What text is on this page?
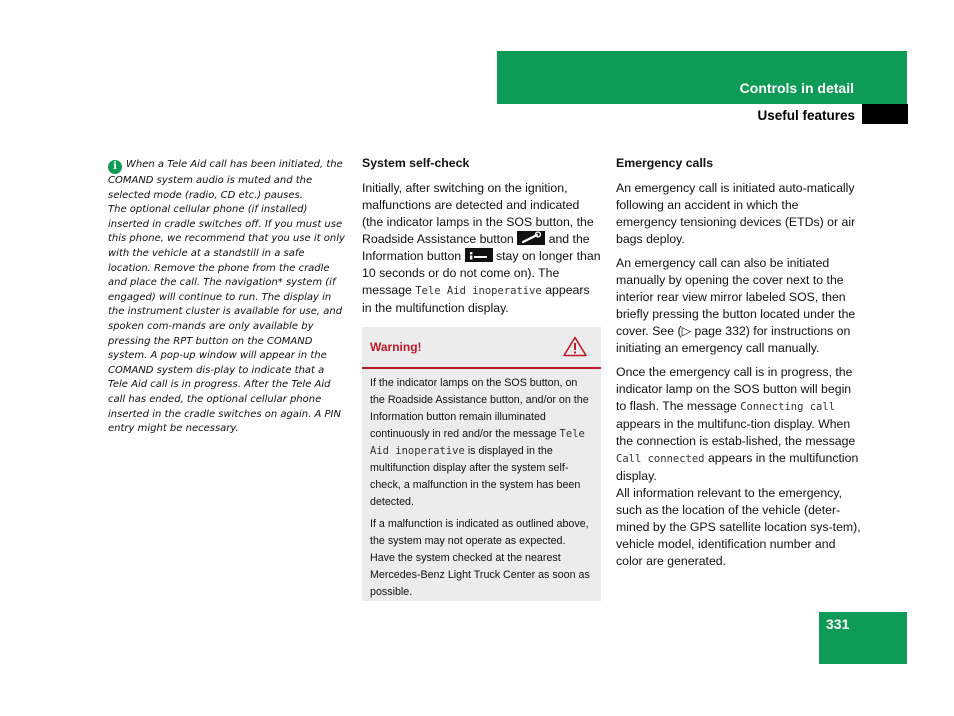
Controls in detail
Useful features

i When a Tele Aid call has been initiated, the COMAND system audio is muted and the selected mode (radio, CD etc.) pauses.

The optional cellular phone (if installed) inserted in cradle switches off. If you must use this phone, we recommend that you use it only with the vehicle at a standstill in a safe location. Remove the phone from the cradle and place the call. The navigation* system (if engaged) will continue to run. The display in the instrument cluster is available for use, and spoken com-mands are only available by pressing the RPT button on the COMAND system. A pop-up window will appear in the COMAND system dis-play to indicate that a Tele Aid call is in progress. After the Tele Aid call has ended, the optional cellular phone inserted in the cradle switches on again. A PIN entry might be necessary.

System self-check

Initially, after switching on the ignition, malfunctions are detected and indicated (the indicator lamps in the SOS button, the Roadside Assistance button	and the Information button	stay on longer than 10 seconds or do not come on). The message Tele Aid inoperative appears in the multifunction display.

Warning!

If the indicator lamps on the SOS button, on the Roadside Assistance button, and/or on the Information button remain illuminated continuously in red and/or the message Tele Aid inoperative is displayed in the multifunction display after the system self-check, a malfunction in the system has been detected.

If a malfunction is indicated as outlined above, the system may not operate as expected. Have the system checked at the nearest Mercedes-Benz Light Truck Center as soon as possible.

Emergency calls

An emergency call is initiated auto-matically following an accident in which the emergency tensioning devices (ETDs) or air bags deploy.

An emergency call can also be initiated manually by opening the cover next to the interior rear view mirror labeled SOS, then briefly pressing the button located under the cover. See (▷ page 332) for instructions on initiating an emergency call manually.

Once the emergency call is in progress, the indicator lamp on the SOS button will begin to flash. The message Connecting call appears in the multifunc-tion display. When the connection is estab-lished, the message Call connected appears in the multifunction display.

All information relevant to the emergency, such as the location of the vehicle (deter-mined by the GPS satellite location sys-tem), vehicle model, identification number and color are generated.

331
